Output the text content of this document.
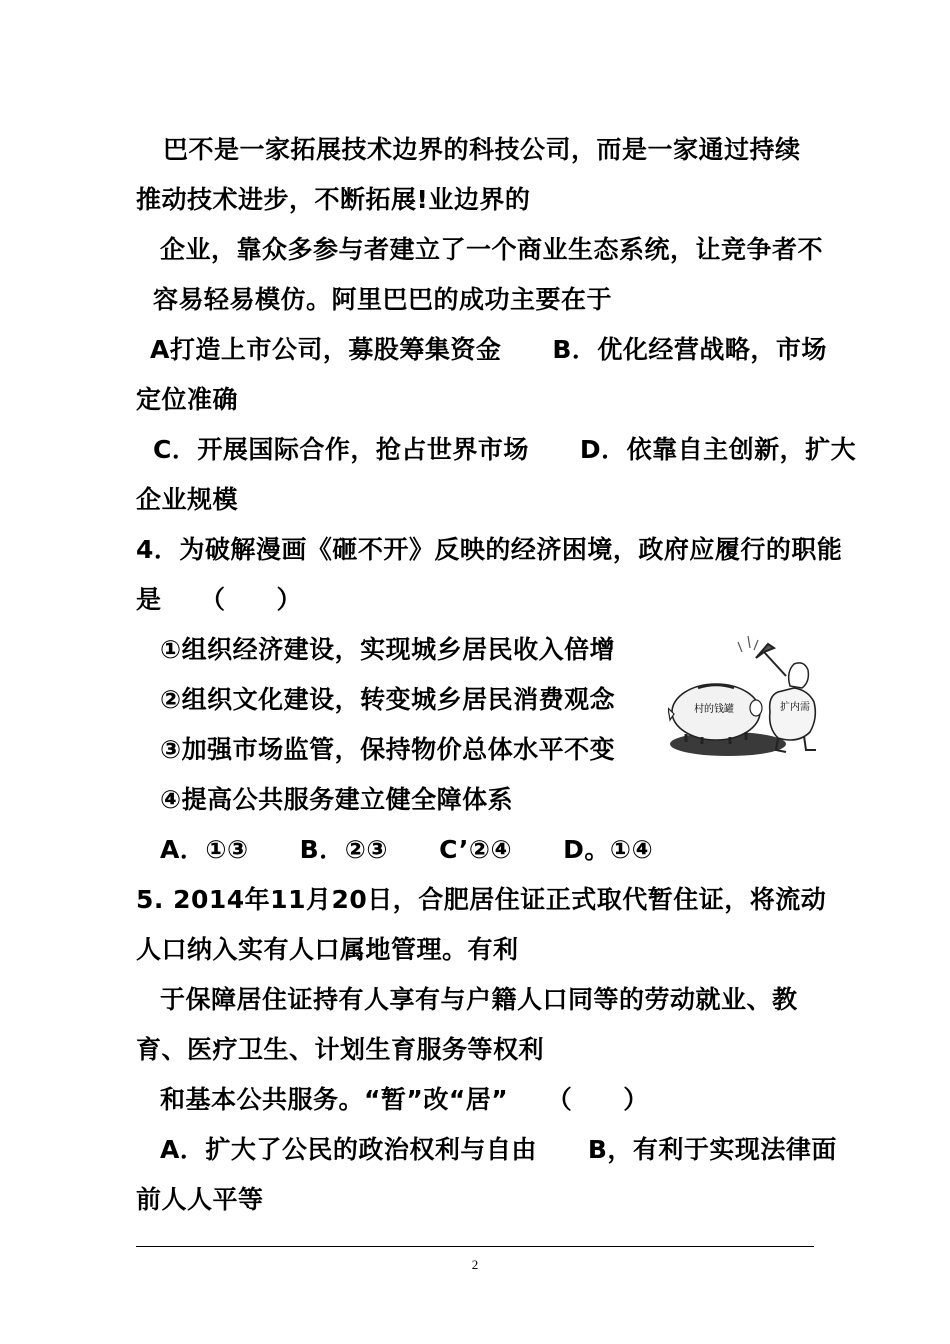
巴不是一家拓展技术边界的科技公司，而是一家通过持续
推动技术进步，不断拓展!业边界的
企业，靠众多参与者建立了一个商业生态系统，让竞争者不
容易轻易模仿。阿里巴巴的成功主要在于
A打造上市公司，募股筹集资金　　B．优化经营战略，市场
定位准确
C．开展国际合作，抢占世界市场　　D．依靠自主创新，扩大
企业规模
4．为破解漫画《砸不开》反映的经济困境，政府应履行的职能
是　　（　　）
①组织经济建设，实现城乡居民收入倍增
②组织文化建设，转变城乡居民消费观念
③加强市场监管，保持物价总体水平不变
④提高公共服务建立健全障体系
A．①③　　B．②③　　C’②④　　D。①④
5. 2014年11月20日，合肥居住证正式取代暂住证，将流动
人口纳入实有人口属地管理。有利
于保障居住证持有人享有与户籍人口同等的劳动就业、教
育、医疗卫生、计划生育服务等权利
和基本公共服务。“暂”改“居”　　（　　）
A．扩大了公民的政治权利与自由　　B，有利于实现法律面
前人人平等
村的钱罐	扩内需
2
